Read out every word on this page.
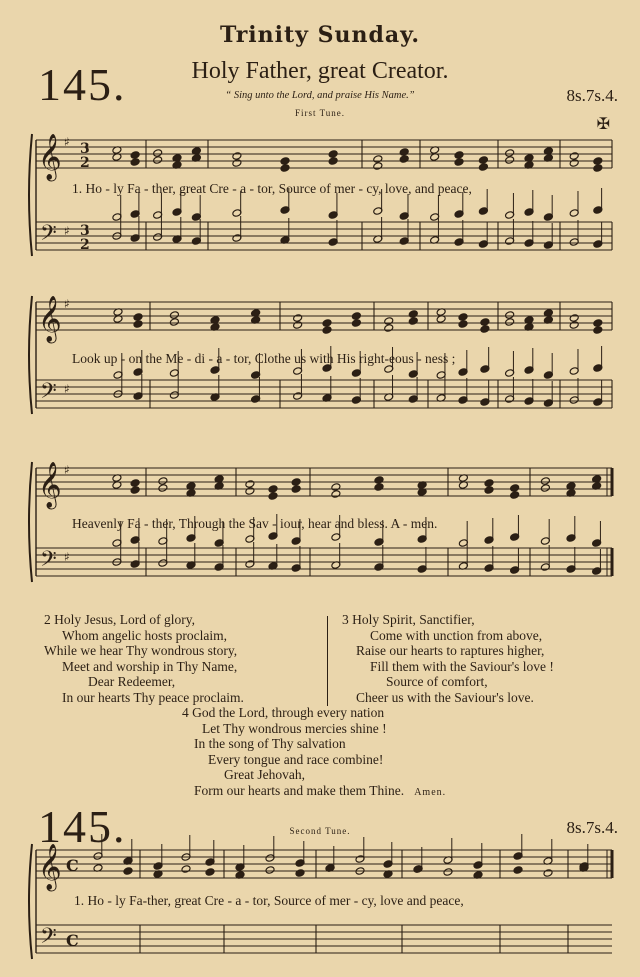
Trinity Sunday.
145.	Holy Father, great Creator.
“ Sing unto the Lord, and praise His Name.”
First Tune.
8s.7s.4.
✠
𝄞
𝄢
♯
♯
3
2
3
2
𝄞
𝄢
♯
♯
𝄞
𝄢
♯
♯
𝄞
𝄢
C
C
1. Ho - ly Fa - ther, great Cre - a - tor, Source of mer - cy, love, and peace,
Look up - on the Me - di - a - tor, Clothe us with His right-eous - ness ;
Heavenly Fa - ther, Through the Sav - iour, hear and bless. A - men.
2 Holy Jesus, Lord of glory,
Whom angelic hosts proclaim,
While we hear Thy wondrous story,
Meet and worship in Thy Name,
Dear Redeemer,
In our hearts Thy peace proclaim.
3 Holy Spirit, Sanctifier,
Come with unction from above,
Raise our hearts to raptures higher,
Fill them with the Saviour's love !
Source of comfort,
Cheer us with the Saviour's love.
4 God the Lord, through every nation
Let Thy wondrous mercies shine !
In the song of Thy salvation
Every tongue and race combine!
Great Jehovah,
Form our hearts and make them Thine. Amen.
145.	Second Tune.	8s.7s.4.
1. Ho - ly Fa-ther, great Cre - a - tor, Source of mer - cy, love and peace,
